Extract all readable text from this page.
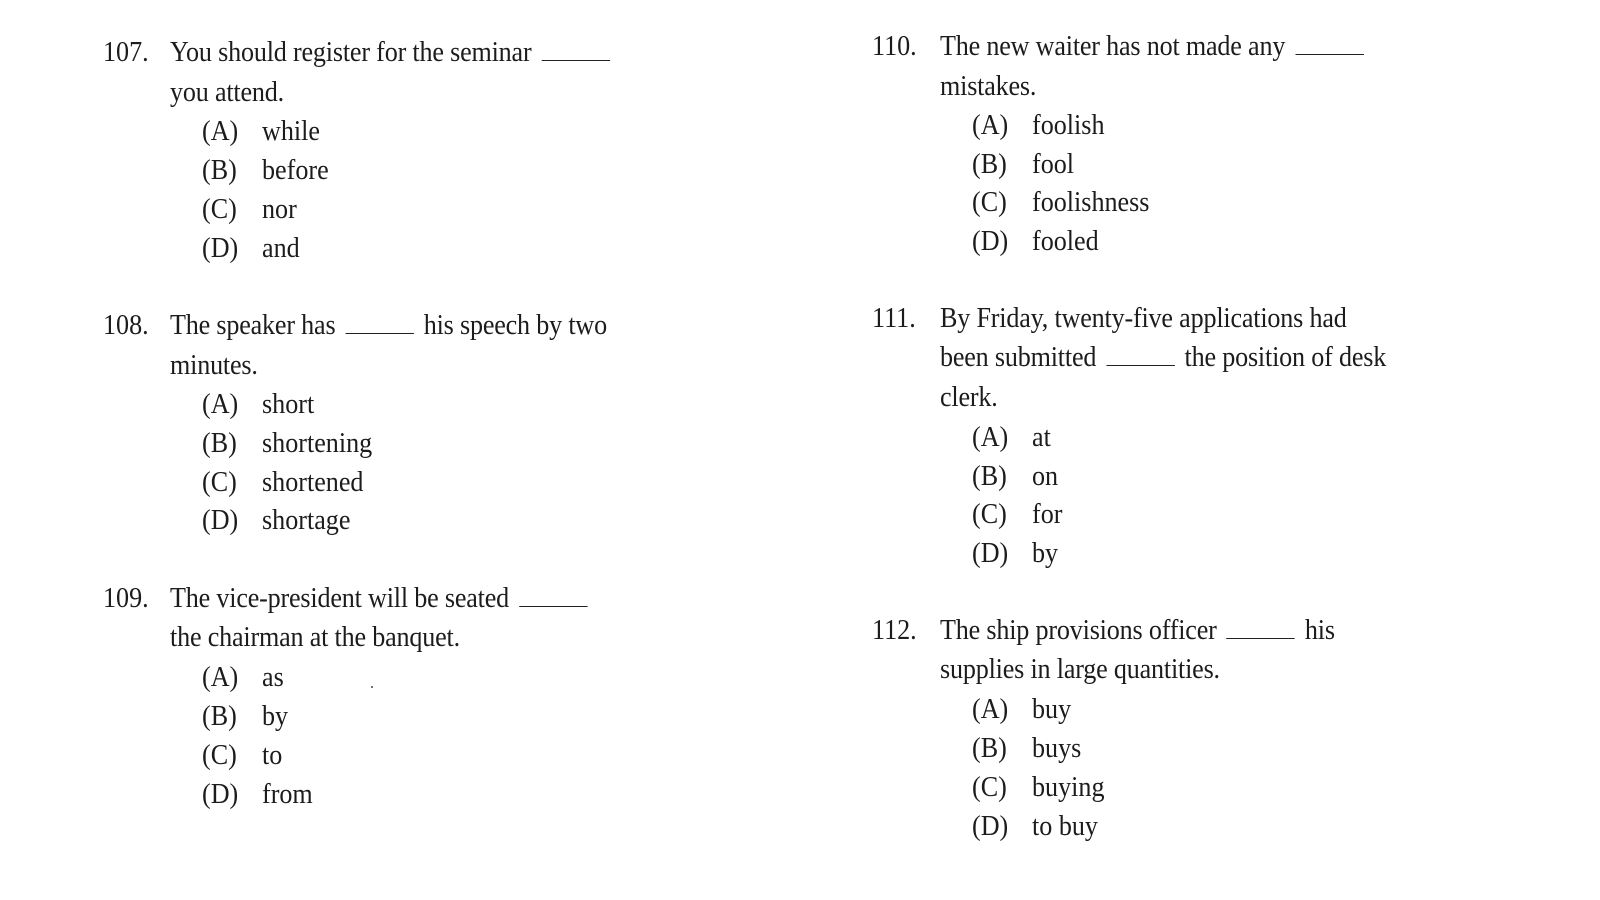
107. You should register for the seminar
you attend.
(A) while
(B) before
(C) nor
(D) and
108. The speaker has	his speech by two
minutes.
(A) short
(B) shortening
(C) shortened
(D) shortage
109. The vice-president will be seated
the chairman at the banquet.
(A) as
(B) by
(C) to
(D) from
110. The new waiter has not made any
mistakes.
(A) foolish
(B) fool
(C) foolishness
(D) fooled
111. By Friday, twenty-five applications had
been submitted	the position of desk
clerk.
(A) at
(B) on
(C) for
(D) by
112. The ship provisions officer	his
supplies in large quantities.
(A) buy
(B) buys
(C) buying
(D) to buy
